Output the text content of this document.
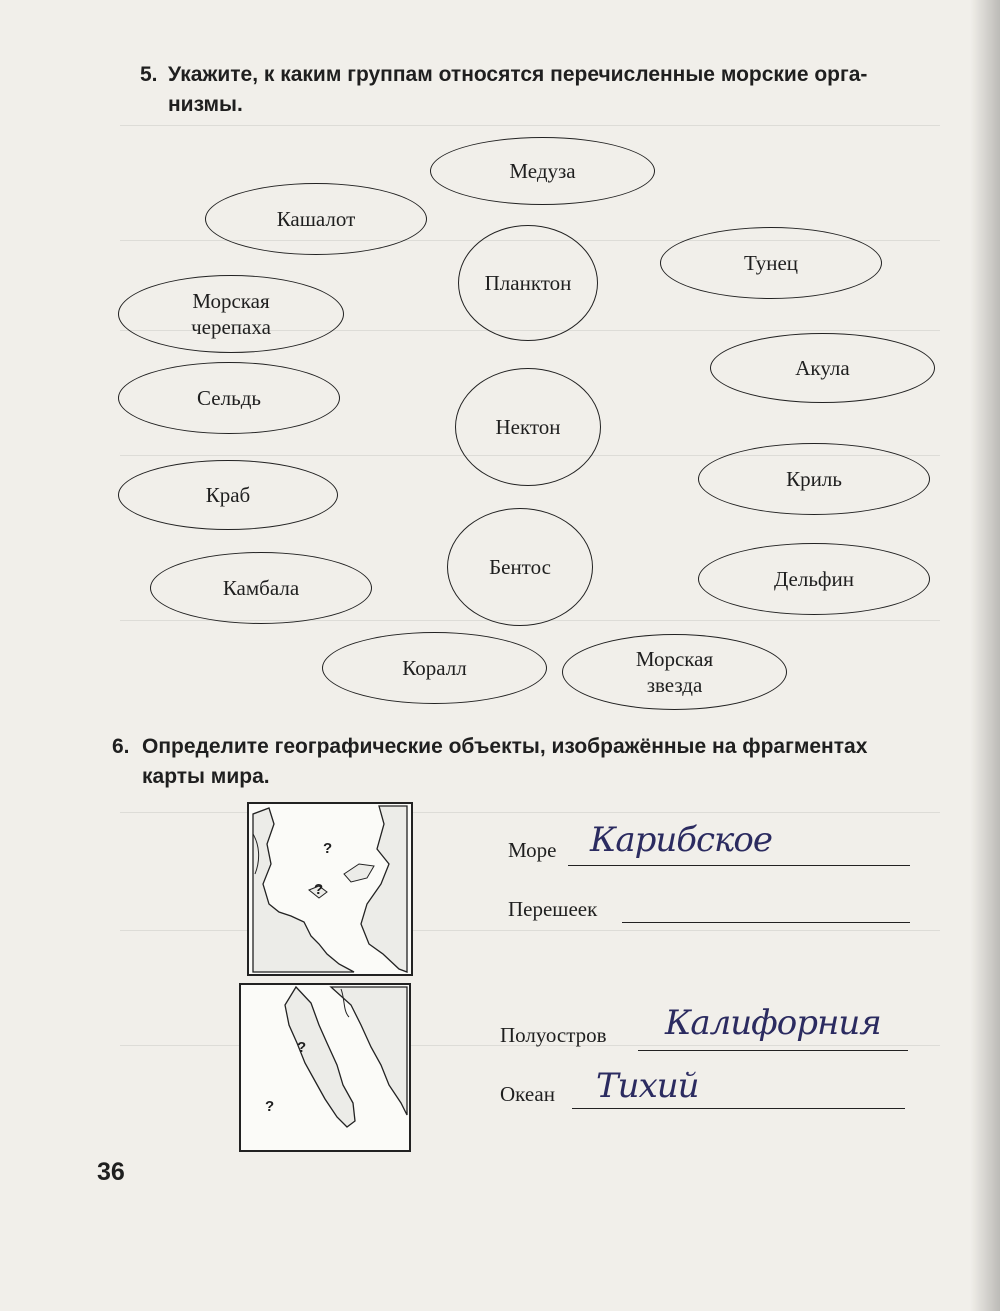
5. Укажите, к каким группам относятся перечисленные морские орга-
низмы.
Планктон
Нектон
Бентос
Медуза
Кашалот
Тунец
Морская
черепаха
Акула
Сельдь
Криль
Краб
Дельфин
Камбала
Коралл	Морская
звезда
6. Определите географические объекты, изображённые на фрагментах
карты мира.
?
?
?
?
Море Карибское
Перешеек
Полуостров Калифорния
Океан Тихий
36
